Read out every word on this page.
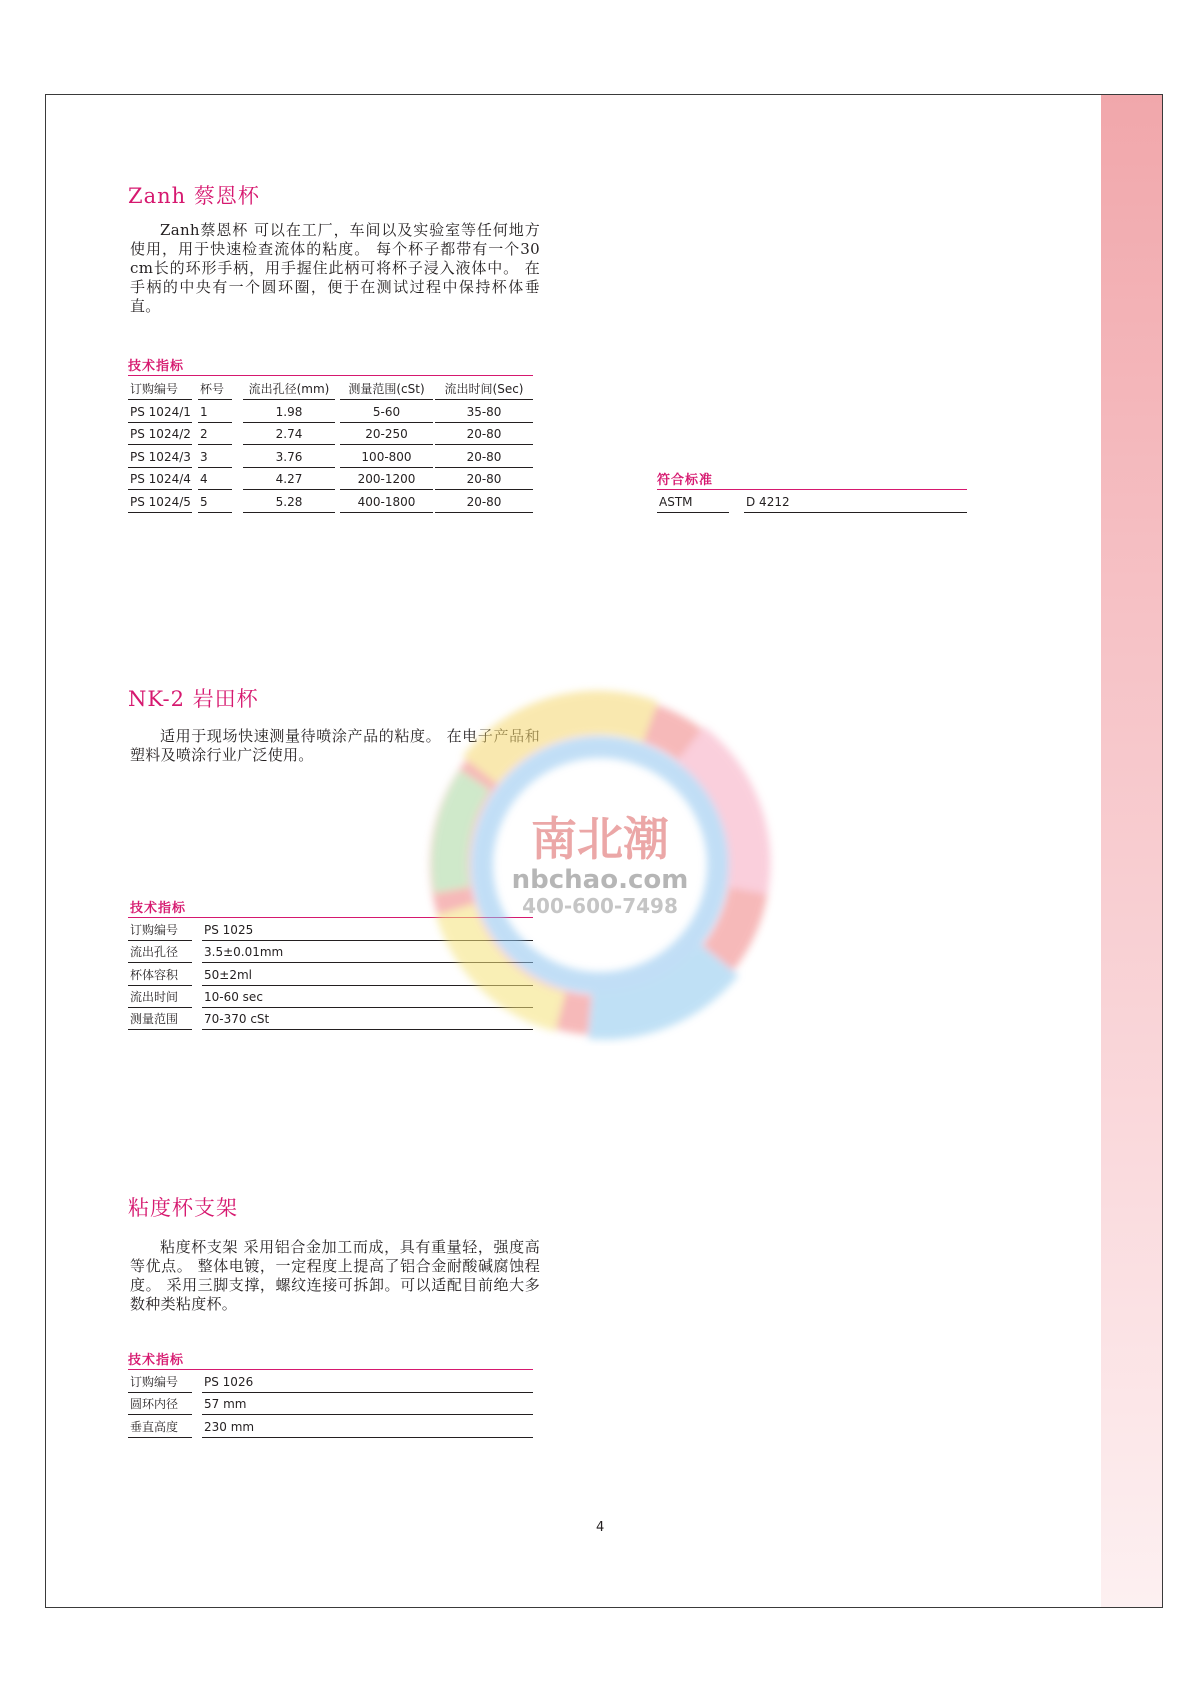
Zanh 蔡恩杯

Zanh蔡恩杯 可以在工厂，车间以及实验室等任何地方使用，用于快速检查流体的粘度。 每个杯子都带有一个30 cm长的环形手柄，用手握住此柄可将杯子浸入液体中。 在手柄的中央有一个圆环圈，便于在测试过程中保持杯体垂直。

技术指标
订购编号	杯号	流出孔径(mm)	测量范围(cSt)	流出时间(Sec)
PS 1024/1 1	1.98	5-60	35-80
PS 1024/2 2	2.74	20-250	20-80
PS 1024/3 3	3.76	100-800	20-80
PS 1024/4 4	4.27	200-1200	20-80
PS 1024/5 5	5.28	400-1800	20-80
符合标准
ASTM	D 4212
NK-2 岩田杯

适用于现场快速测量待喷涂产品的粘度。 在电子产品和塑料及喷涂行业广泛使用。

技术指标
订购编号	PS 1025
流出孔径	3.5±0.01mm
杯体容积	50±2ml
流出时间	10-60 sec
测量范围	70-370 cSt
粘度杯支架

粘度杯支架 采用铝合金加工而成，具有重量轻，强度高等优点。 整体电镀，一定程度上提高了铝合金耐酸碱腐蚀程度。 采用三脚支撑，螺纹连接可拆卸。可以适配目前绝大多数种类粘度杯。

技术指标
订购编号	PS 1026
圆环内径	57 mm
垂直高度	230 mm
南北潮
nbchao.com
400-600-7498
4
